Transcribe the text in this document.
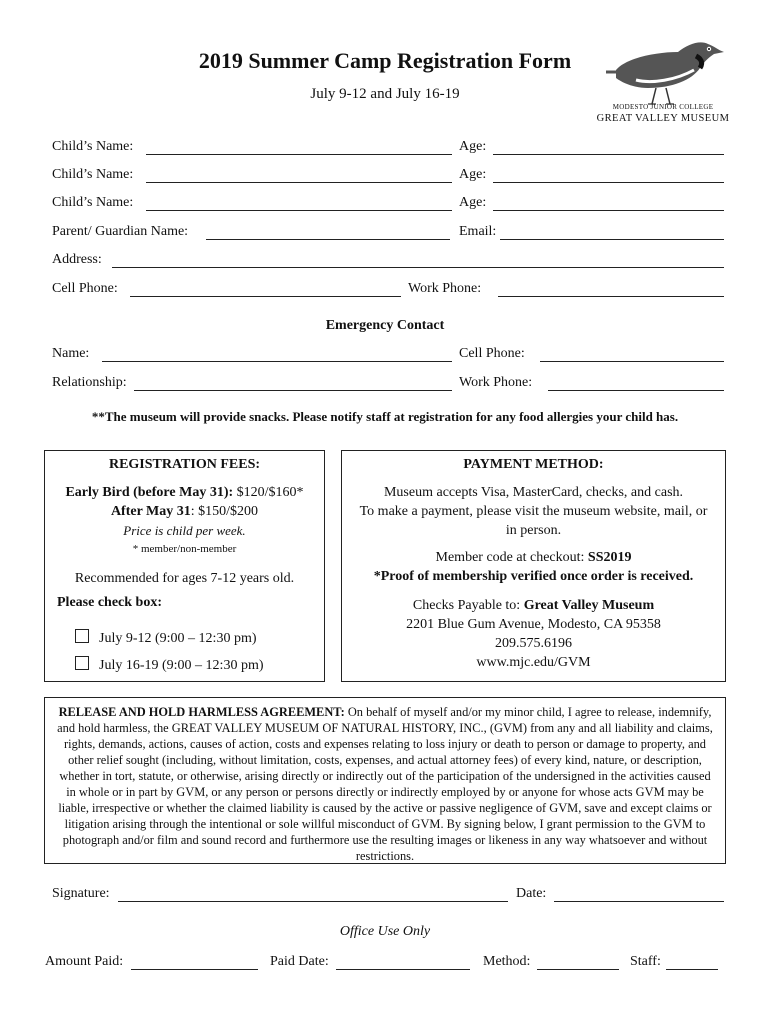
2019 Summer Camp Registration Form
July 9-12 and July 16-19
MODESTO JUNIOR COLLEGE
GREAT VALLEY MUSEUM
Child’s Name:	Age:
Child’s Name:	Age:
Child’s Name:	Age:
Parent/ Guardian Name:	Email:
Address:
Cell Phone:	Work Phone:
Emergency Contact
Name:	Cell Phone:
Relationship:	Work Phone:
**The museum will provide snacks. Please notify staff at registration for any food allergies your child has.
REGISTRATION FEES:
Early Bird (before May 31): $120/$160*
After May 31: $150/$200
Price is child per week.
* member/non-member
Recommended for ages 7-12 years old.
Please check box:
July 9-12 (9:00 – 12:30 pm)
July 16-19 (9:00 – 12:30 pm)
PAYMENT METHOD:
Museum accepts Visa, MasterCard, checks, and cash.
To make a payment, please visit the museum website, mail, or
in person.
Member code at checkout: SS2019
*Proof of membership verified once order is received.
Checks Payable to: Great Valley Museum
2201 Blue Gum Avenue, Modesto, CA 95358
209.575.6196
www.mjc.edu/GVM
RELEASE AND HOLD HARMLESS AGREEMENT: On behalf of myself and/or my minor child, I agree to release, indemnify, and hold harmless, the GREAT VALLEY MUSEUM OF NATURAL HISTORY, INC., (GVM) from any and all liability and claims, rights, demands, actions, causes of action, costs and expenses relating to loss injury or death to person or damage to property, and other relief sought (including, without limitation, costs, expenses, and actual attorney fees) of every kind, nature, or description, whether in tort, statute, or otherwise, arising directly or indirectly out of the participation of the undersigned in the activities caused in whole or in part by GVM, or any person or persons directly or indirectly employed by or anyone for whose acts GVM may be liable, irrespective or whether the claimed liability is caused by the active or passive negligence of GVM, save and except claims or litigation arising through the intentional or sole willful misconduct of GVM. By signing below, I grant permission to the GVM to photograph and/or film and sound record and furthermore use the resulting images or likeness in any way whatsoever and without restrictions.
Signature:	Date:
Office Use Only
Amount Paid:	Paid Date:	Method:	Staff:
